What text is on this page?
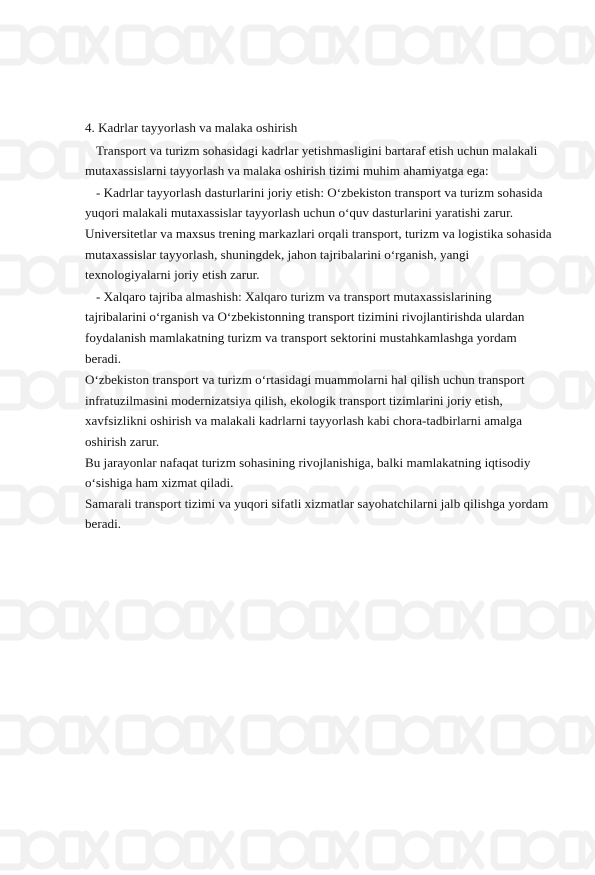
4. Kadrlar tayyorlash va malaka oshirish

Transport va turizm sohasidagi kadrlar yetishmasligini bartaraf etish uchun malakali mutaxassislarni tayyorlash va malaka oshirish tizimi muhim ahamiyatga ega:

- Kadrlar tayyorlash dasturlarini joriy etish: O‘zbekiston transport va turizm sohasida yuqori malakali mutaxassislar tayyorlash uchun o‘quv dasturlarini yaratishi zarur.

Universitetlar va maxsus trening markazlari orqali transport, turizm va logistika sohasida mutaxassislar tayyorlash, shuningdek, jahon tajribalarini o‘rganish, yangi texnologiyalarni joriy etish zarur.

- Xalqaro tajriba almashish: Xalqaro turizm va transport mutaxassislarining tajribalarini o‘rganish va O‘zbekistonning transport tizimini rivojlantirishda ulardan foydalanish mamlakatning turizm va transport sektorini mustahkamlashga yordam beradi.

O‘zbekiston transport va turizm o‘rtasidagi muammolarni hal qilish uchun transport infratuzilmasini modernizatsiya qilish, ekologik transport tizimlarini joriy etish, xavfsizlikni oshirish va malakali kadrlarni tayyorlash kabi chora-tadbirlarni amalga oshirish zarur.

Bu jarayonlar nafaqat turizm sohasining rivojlanishiga, balki mamlakatning iqtisodiy o‘sishiga ham xizmat qiladi.

Samarali transport tizimi va yuqori sifatli xizmatlar sayohatchilarni jalb qilishga yordam beradi.
